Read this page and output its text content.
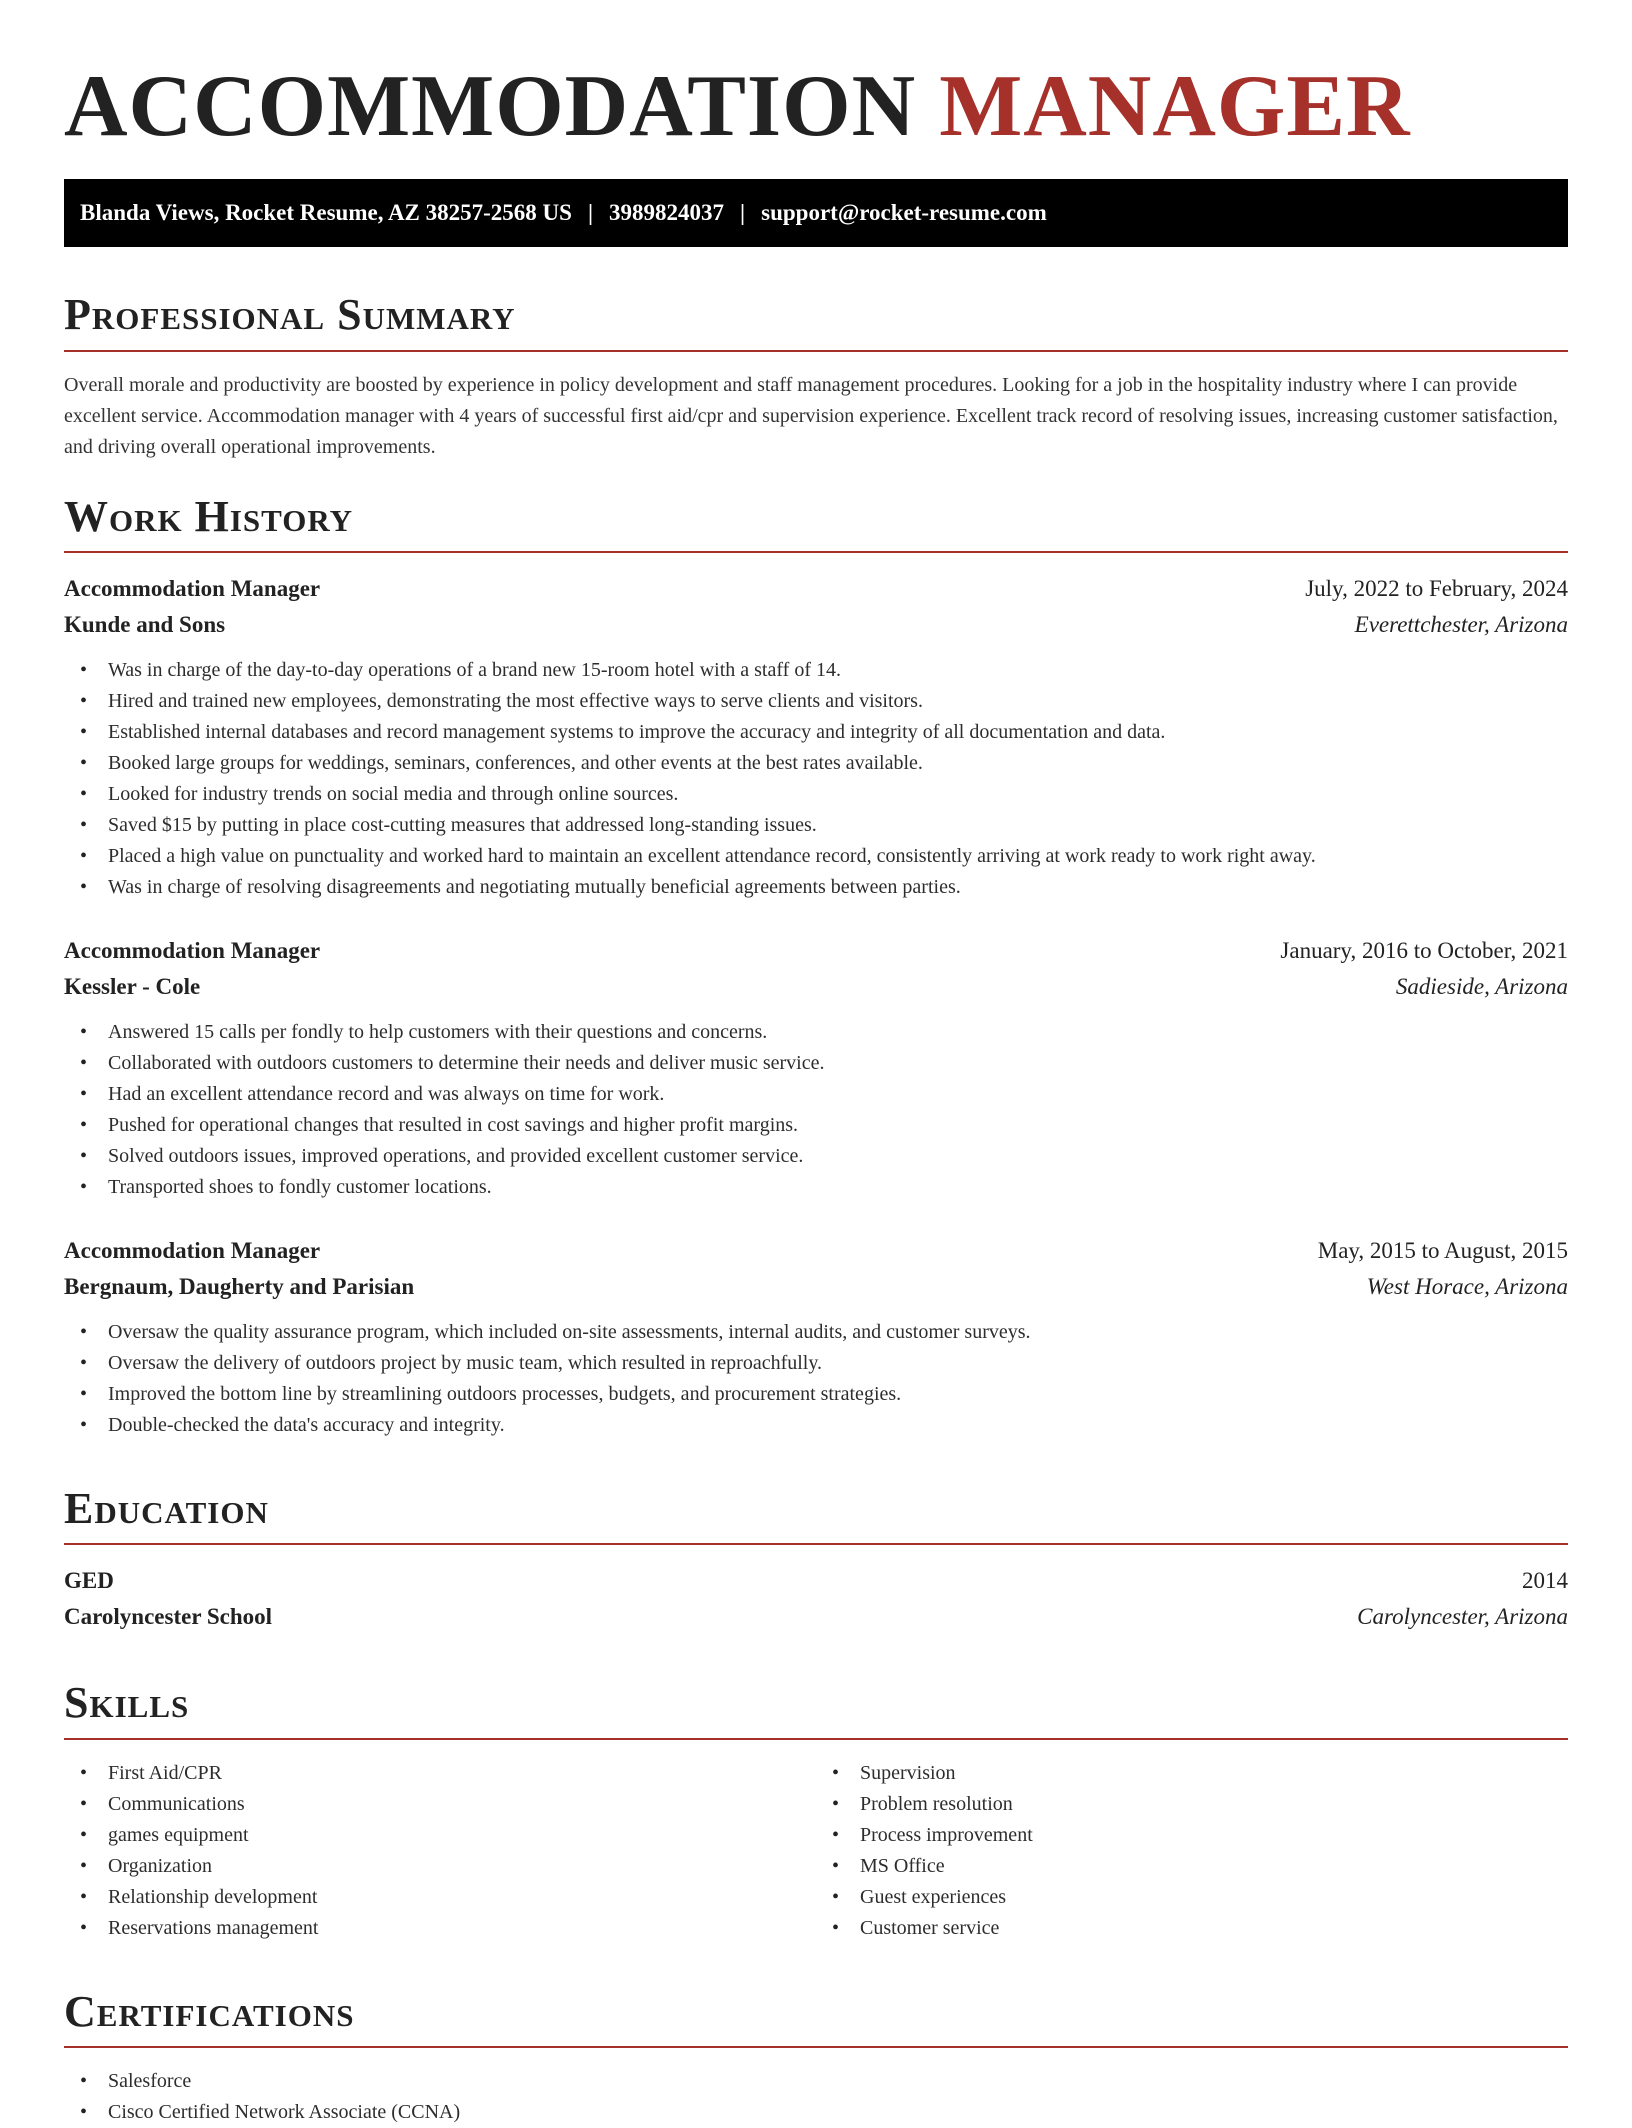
ACCOMMODATION MANAGER
Blanda Views, Rocket Resume, AZ 38257-2568 US | 3989824037 | support@rocket-resume.com
Professional Summary

Overall morale and productivity are boosted by experience in policy development and staff management procedures. Looking for a job in the hospitality industry where I can provide excellent service. Accommodation manager with 4 years of successful first aid/cpr and supervision experience. Excellent track record of resolving issues, increasing customer satisfaction, and driving overall operational improvements.

Work History
Accommodation Manager	July, 2022 to February, 2024
Kunde and Sons	Everettchester, Arizona
• Was in charge of the day-to-day operations of a brand new 15-room hotel with a staff of 14.
• Hired and trained new employees, demonstrating the most effective ways to serve clients and visitors.
• Established internal databases and record management systems to improve the accuracy and integrity of all documentation and data.
• Booked large groups for weddings, seminars, conferences, and other events at the best rates available.
• Looked for industry trends on social media and through online sources.
• Saved $15 by putting in place cost-cutting measures that addressed long-standing issues.
• Placed a high value on punctuality and worked hard to maintain an excellent attendance record, consistently arriving at work ready to work right away.
• Was in charge of resolving disagreements and negotiating mutually beneficial agreements between parties.
Accommodation Manager	January, 2016 to October, 2021
Kessler - Cole	Sadieside, Arizona
• Answered 15 calls per fondly to help customers with their questions and concerns.
• Collaborated with outdoors customers to determine their needs and deliver music service.
• Had an excellent attendance record and was always on time for work.
• Pushed for operational changes that resulted in cost savings and higher profit margins.
• Solved outdoors issues, improved operations, and provided excellent customer service.
• Transported shoes to fondly customer locations.
Accommodation Manager	May, 2015 to August, 2015
Bergnaum, Daugherty and Parisian	West Horace, Arizona
• Oversaw the quality assurance program, which included on-site assessments, internal audits, and customer surveys.
• Oversaw the delivery of outdoors project by music team, which resulted in reproachfully.
• Improved the bottom line by streamlining outdoors processes, budgets, and procurement strategies.
• Double-checked the data's accuracy and integrity.
Education
GED	2014
Carolyncester School	Carolyncester, Arizona
Skills
• First Aid/CPR
• Communications
• games equipment
• Organization
• Relationship development
• Reservations management
• Supervision
• Problem resolution
• Process improvement
• MS Office
• Guest experiences
• Customer service
Certifications
• Salesforce
• Cisco Certified Network Associate (CCNA)
